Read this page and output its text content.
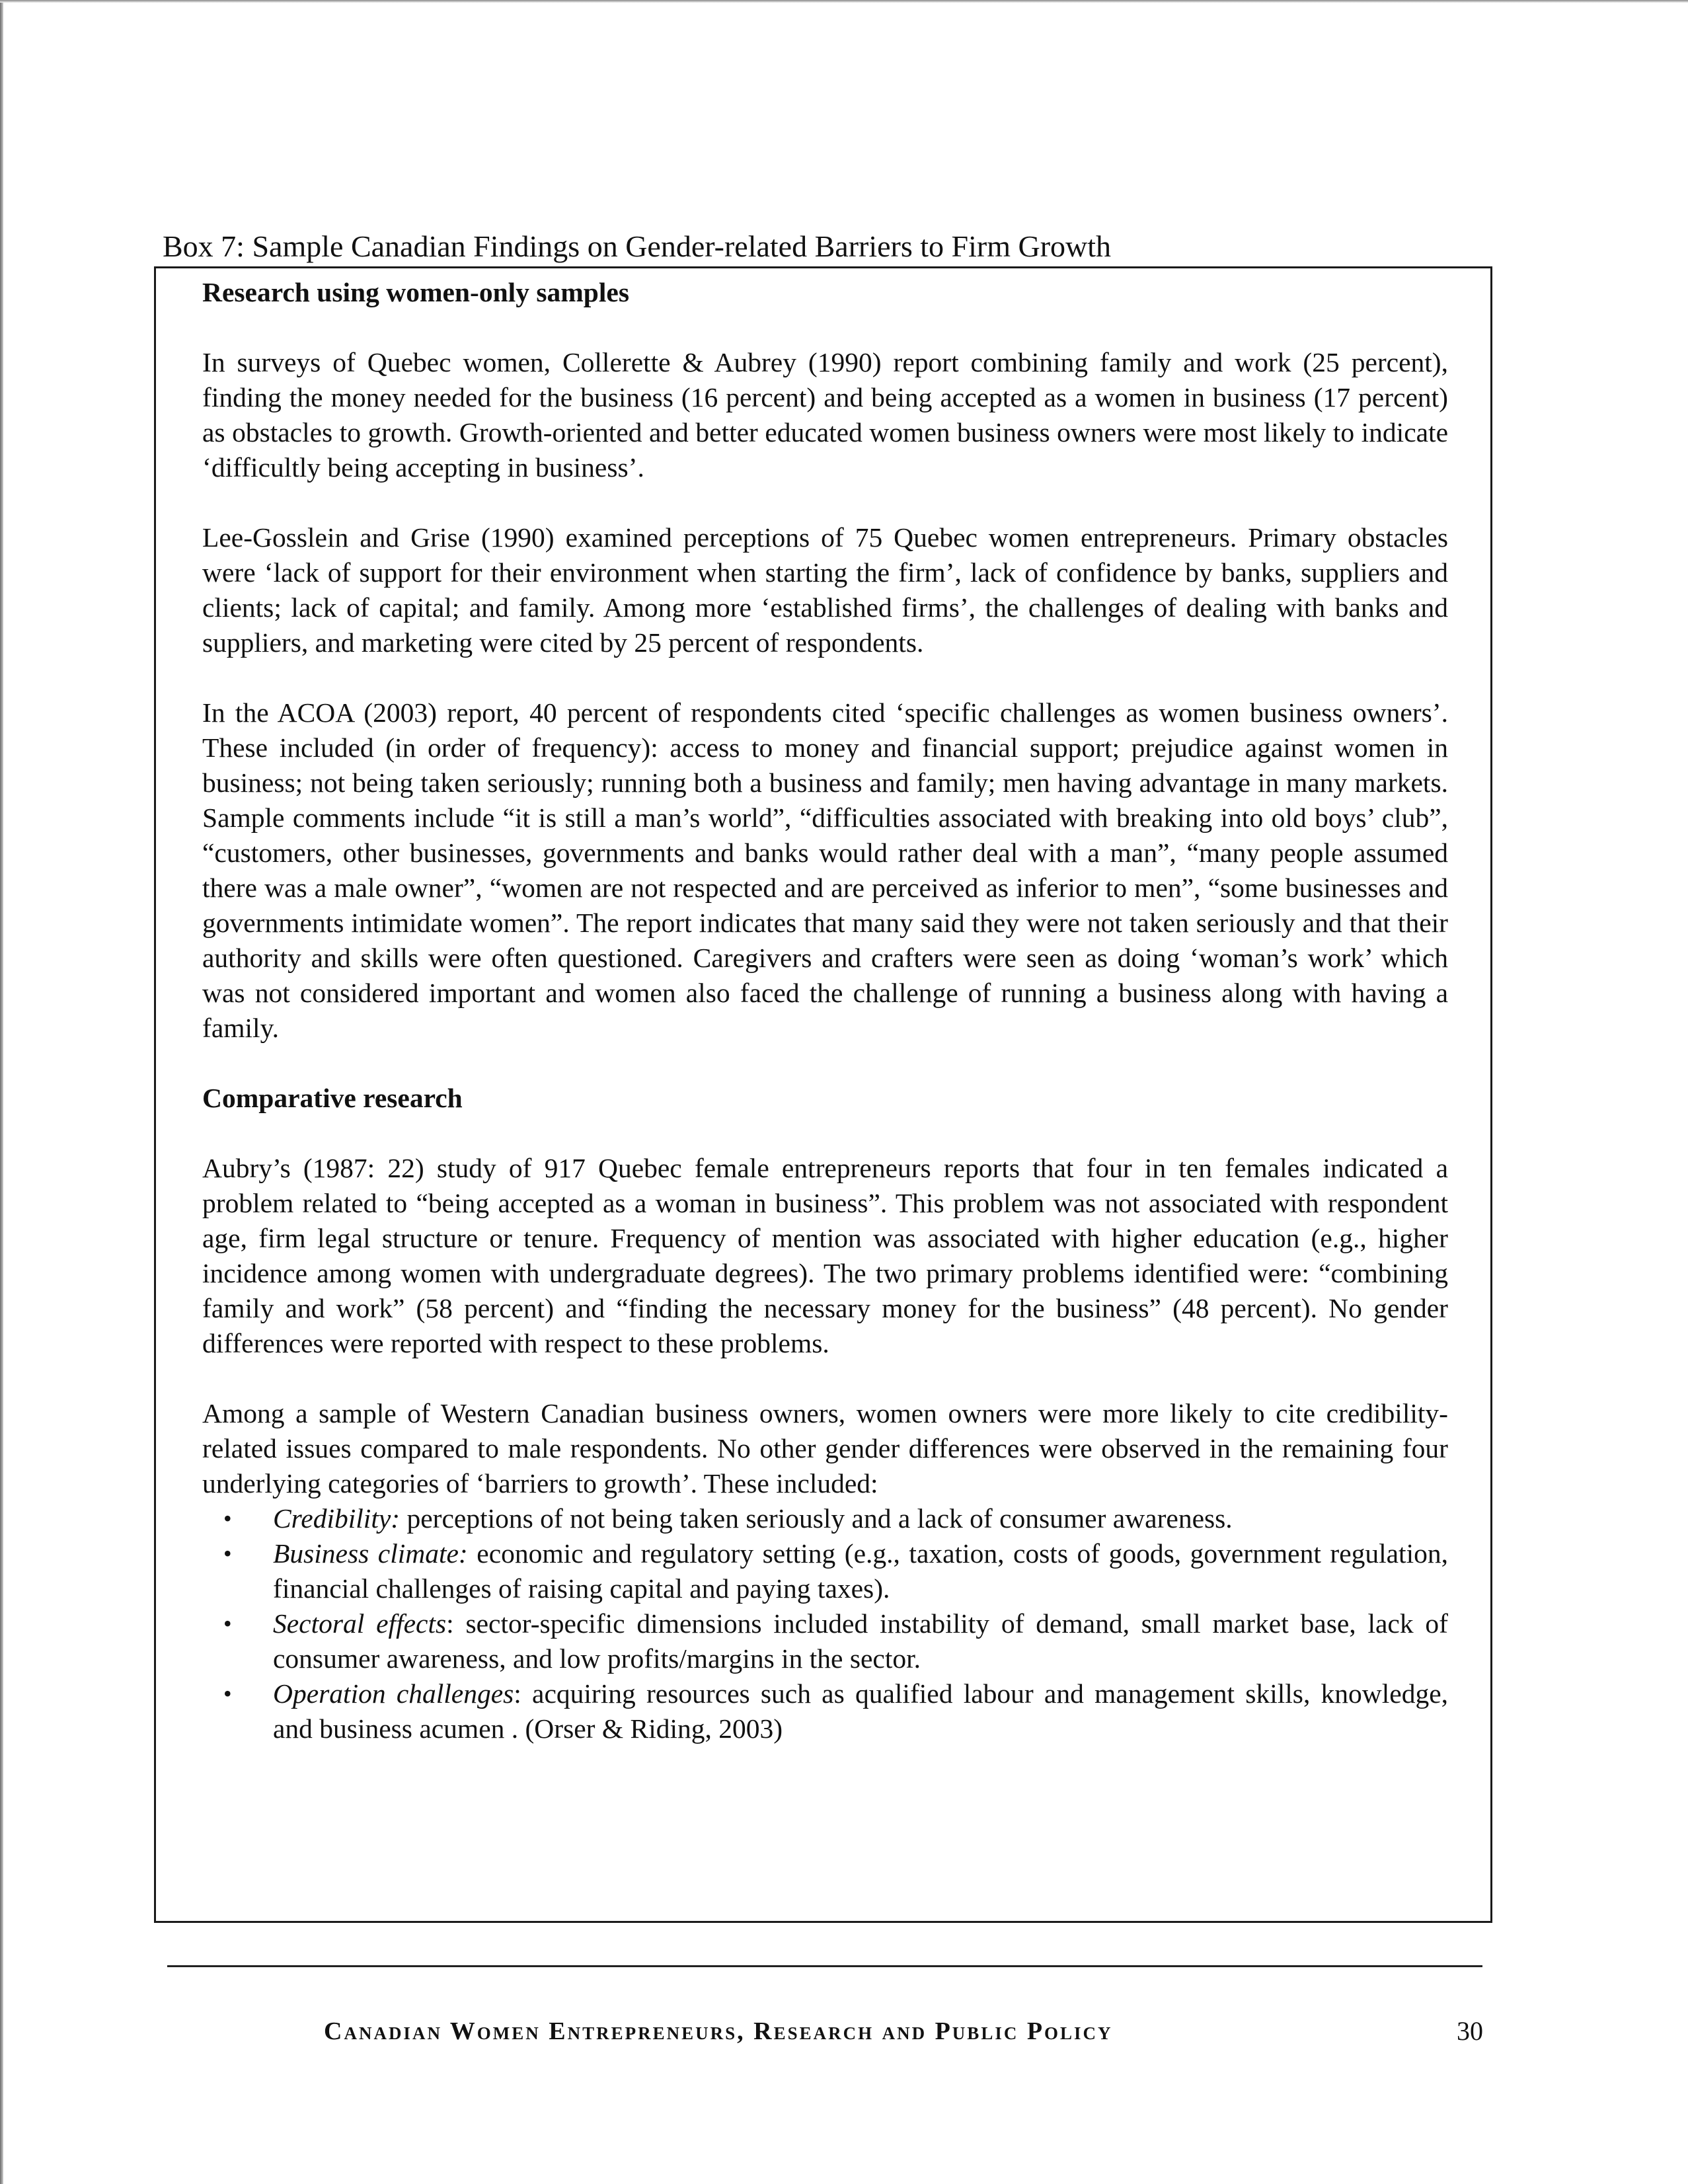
Box 7: Sample Canadian Findings on Gender-related Barriers to Firm Growth

Research using women-only samples

In surveys of Quebec women, Collerette & Aubrey (1990) report combining family and work (25 percent), finding the money needed for the business (16 percent) and being accepted as a women in business (17 percent) as obstacles to growth. Growth-oriented and better educated women business owners were most likely to indicate ‘difficultly being accepting in business’.

Lee-Gosslein and Grise (1990) examined perceptions of 75 Quebec women entrepreneurs. Primary obstacles were ‘lack of support for their environment when starting the firm’, lack of confidence by banks, suppliers and clients; lack of capital; and family. Among more ‘established firms’, the challenges of dealing with banks and suppliers, and marketing were cited by 25 percent of respondents.

In the ACOA (2003) report, 40 percent of respondents cited ‘specific challenges as women business owners’. These included (in order of frequency): access to money and financial support; prejudice against women in business; not being taken seriously; running both a business and family; men having advantage in many markets. Sample comments include “it is still a man’s world”, “difficulties associated with breaking into old boys’ club”, “customers, other businesses, governments and banks would rather deal with a man”, “many people assumed there was a male owner”, “women are not respected and are perceived as inferior to men”, “some businesses and governments intimidate women”. The report indicates that many said they were not taken seriously and that their authority and skills were often questioned. Caregivers and crafters were seen as doing ‘woman’s work’ which was not considered important and women also faced the challenge of running a business along with having a family.

Comparative research

Aubry’s (1987: 22) study of 917 Quebec female entrepreneurs reports that four in ten females indicated a problem related to “being accepted as a woman in business”. This problem was not associated with respondent age, firm legal structure or tenure. Frequency of mention was associated with higher education (e.g., higher incidence among women with undergraduate degrees). The two primary problems identified were: “combining family and work” (58 percent) and “finding the necessary money for the business” (48 percent). No gender differences were reported with respect to these problems.

Among a sample of Western Canadian business owners, women owners were more likely to cite credibility-related issues compared to male respondents. No other gender differences were observed in the remaining four underlying categories of ‘barriers to growth’. These included:

• Credibility: perceptions of not being taken seriously and a lack of consumer awareness.
• Business climate: economic and regulatory setting (e.g., taxation, costs of goods, government regulation, financial challenges of raising capital and paying taxes).
• Sectoral effects: sector-specific dimensions included instability of demand, small market base, lack of consumer awareness, and low profits/margins in the sector.
• Operation challenges: acquiring resources such as qualified labour and management skills, knowledge, and business acumen . (Orser & Riding, 2003)
Canadian Women Entrepreneurs, Research and Public Policy	30
